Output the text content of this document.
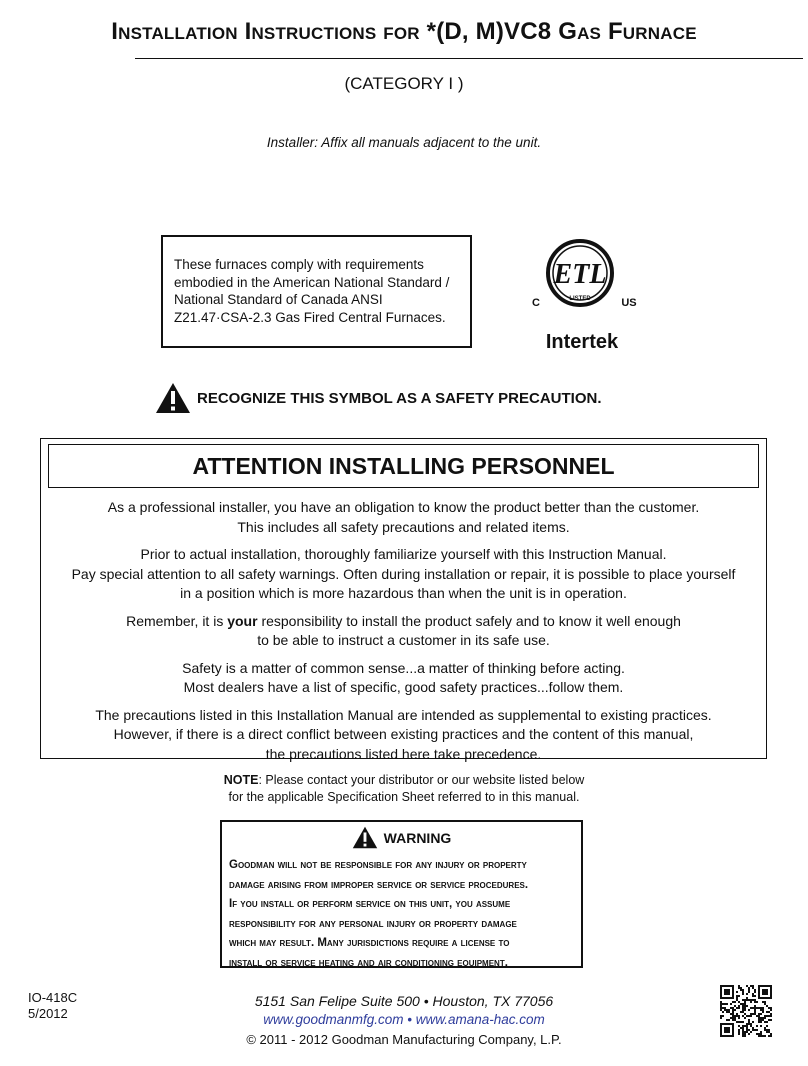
Installation Instructions for *(D, M)VC8 Gas Furnace
(CATEGORY I )
Installer: Affix all manuals adjacent to the unit.
These furnaces comply with requirements embodied in the American National Standard / National Standard of Canada ANSI Z21.47·CSA-2.3 Gas Fired Central Furnaces.
ETL
LISTED
C	US
Intertek
RECOGNIZE THIS SYMBOL AS A SAFETY PRECAUTION.
ATTENTION INSTALLING PERSONNEL

As a professional installer, you have an obligation to know the product better than the customer.
This includes all safety precautions and related items.

Prior to actual installation, thoroughly familiarize yourself with this Instruction Manual.
Pay special attention to all safety warnings. Often during installation or repair, it is possible to place yourself
in a position which is more hazardous than when the unit is in operation.

Remember, it is your responsibility to install the product safely and to know it well enough
to be able to instruct a customer in its safe use.

Safety is a matter of common sense...a matter of thinking before acting.
Most dealers have a list of specific, good safety practices...follow them.

The precautions listed in this Installation Manual are intended as supplemental to existing practices.
However, if there is a direct conflict between existing practices and the content of this manual,
the precautions listed here take precedence.

NOTE: Please contact your distributor or our website listed below
for the applicable Specification Sheet referred to in this manual.
WARNING
Goodman will not be responsible for any injury or property
damage arising from improper service or service procedures.
If you install or perform service on this unit, you assume
responsibility for any personal injury or property damage
which may result. Many jurisdictions require a license to
install or service heating and air conditioning equipment.
IO-418C
5/2012
5151 San Felipe Suite 500 • Houston, TX 77056
www.goodmanmfg.com • www.amana-hac.com
© 2011 - 2012 Goodman Manufacturing Company, L.P.
